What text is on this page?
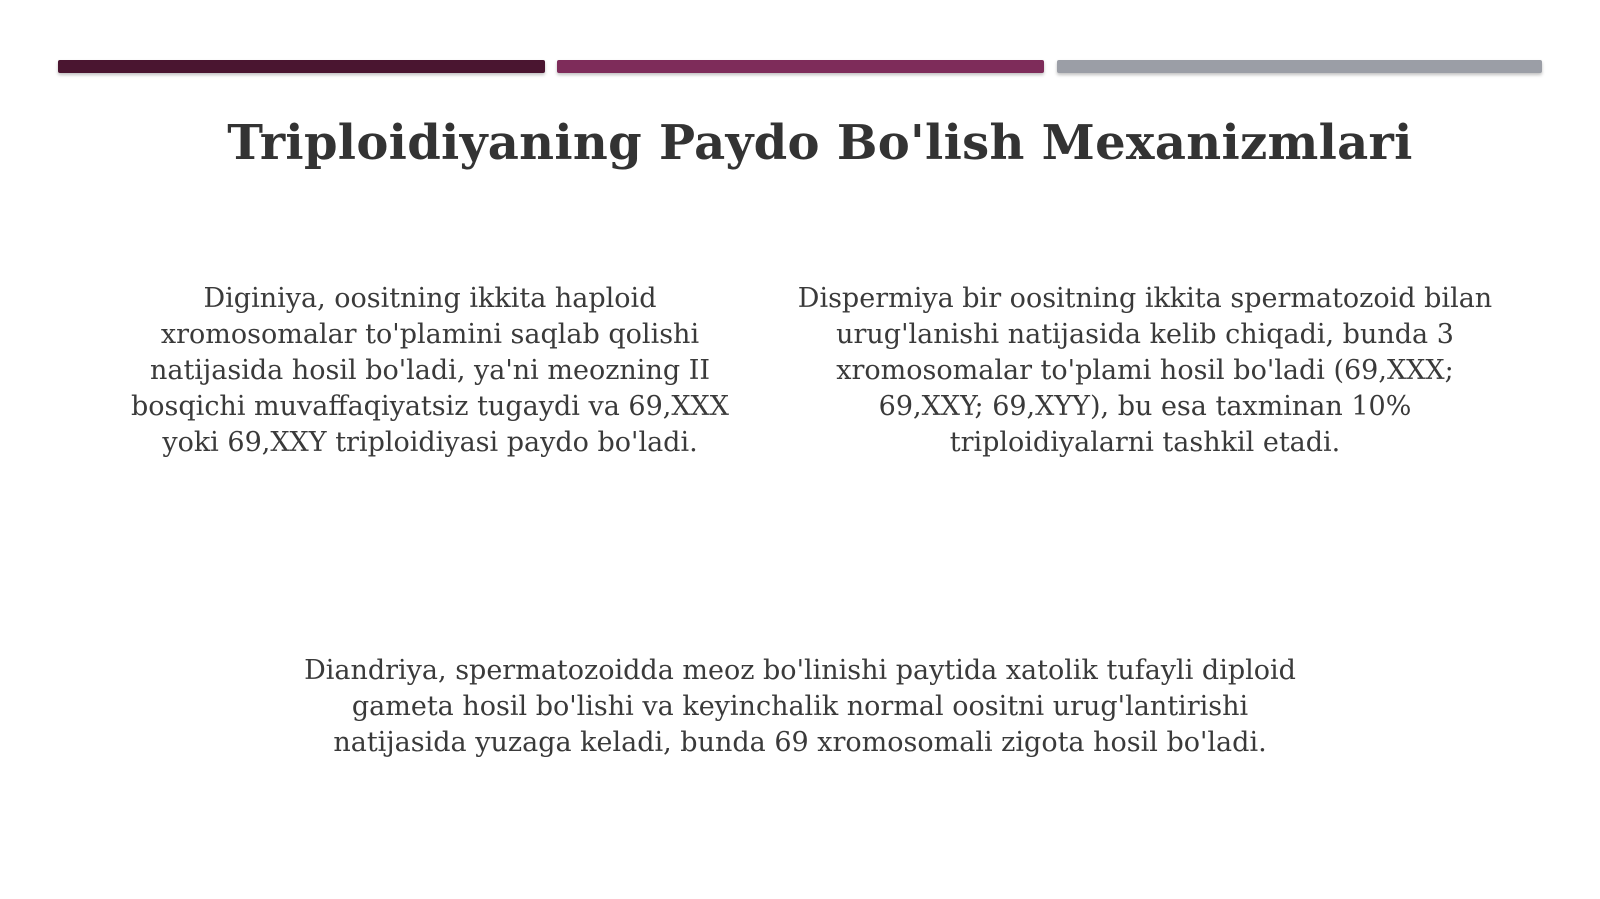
Triploidiyaning Paydo Bo'lish Mexanizmlari
Diginiya, oositning ikkita haploid xromosomalar to'plamini saqlab qolishi natijasida hosil bo'ladi, ya'ni meozning II bosqichi muvaffaqiyatsiz tugaydi va 69,XXX yoki 69,XXY triploidiyasi paydo bo'ladi.
Dispermiya bir oositning ikkita spermatozoid bilan urug'lanishi natijasida kelib chiqadi, bunda 3 xromosomalar to'plami hosil bo'ladi (69,XXX; 69,XXY; 69,XYY), bu esa taxminan 10% triploidiyalarni tashkil etadi.
Diandriya, spermatozoidda meoz bo'linishi paytida xatolik tufayli diploid gameta hosil bo'lishi va keyinchalik normal oositni urug'lantirishi natijasida yuzaga keladi, bunda 69 xromosomali zigota hosil bo'ladi.
